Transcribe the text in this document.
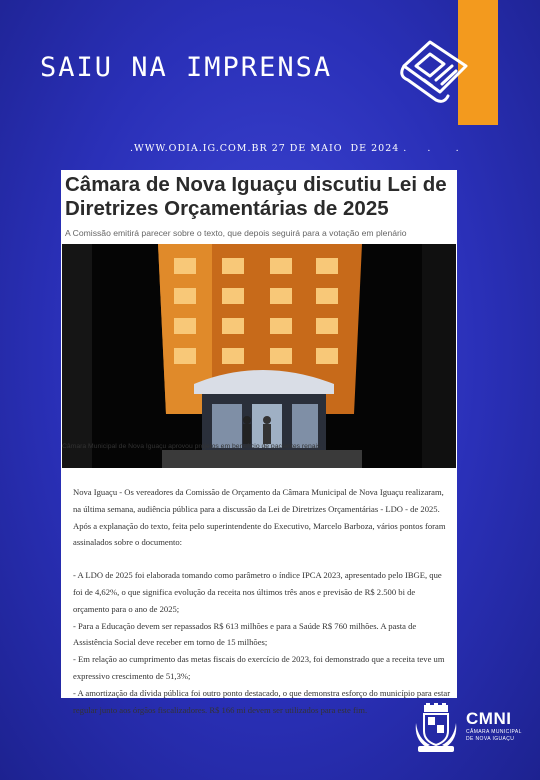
SAIU NA IMPRENSA
.WWW.ODIA.IG.COM.BR 27 DE MAIO  DE 2024 .     .      .
Câmara de Nova Iguaçu discutiu Lei de Diretrizes Orçamentárias de 2025
A Comissão emitirá parecer sobre o texto, que depois seguirá para a votação em plenário
Câmara Municipal de Nova Iguaçu aprovou projetos em benefício de pacientes renais.

Nova Iguaçu - Os vereadores da Comissão de Orçamento da Câmara Municipal de Nova Iguaçu realizaram, na última semana, audiência pública para a discussão da Lei de Diretrizes Orçamentárias - LDO - de 2025. Após a explanação do texto, feita pelo superintendente do Executivo, Marcelo Barboza, vários pontos foram assinalados sobre o documento:

- A LDO de 2025 foi elaborada tomando como parâmetro o índice IPCA 2023, apresentado pelo IBGE, que foi de 4,62%, o que significa evolução da receita nos últimos três anos e previsão de R$ 2.500 bi de orçamento para o ano de 2025;

- Para a Educação devem ser repassados R$ 613 milhões e para a Saúde R$ 760 milhões. A pasta de Assistência Social deve receber em torno de 15 milhões;

- Em relação ao cumprimento das metas fiscais do exercício de 2023, foi demonstrado que a receita teve um expressivo crescimento de 51,3%;

- A amortização da dívida pública foi outro ponto destacado, o que demonstra esforço do município para estar regular junto aos órgãos fiscalizadores. R$ 166 mi devem ser utilizados para este fim.	CMNI
CÂMARA MUNICIPAL
DE NOVA IGUAÇU
